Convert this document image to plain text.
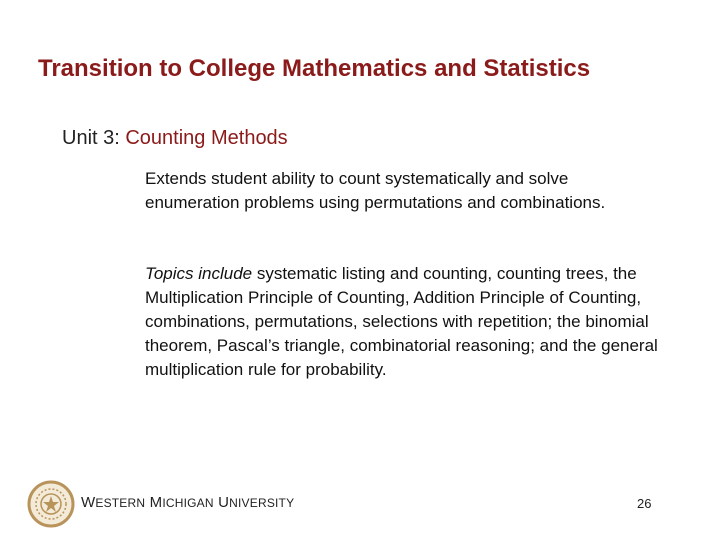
Transition to College Mathematics and Statistics
Unit 3: Counting Methods
Extends student ability to count systematically and solve enumeration problems using permutations and combinations.
Topics include systematic listing and counting, counting trees, the Multiplication Principle of Counting, Addition Principle of Counting, combinations, permutations, selections with repetition; the binomial theorem, Pascal’s triangle, combinatorial reasoning; and the general multiplication rule for probability.
WESTERN MICHIGAN UNIVERSITY	26
